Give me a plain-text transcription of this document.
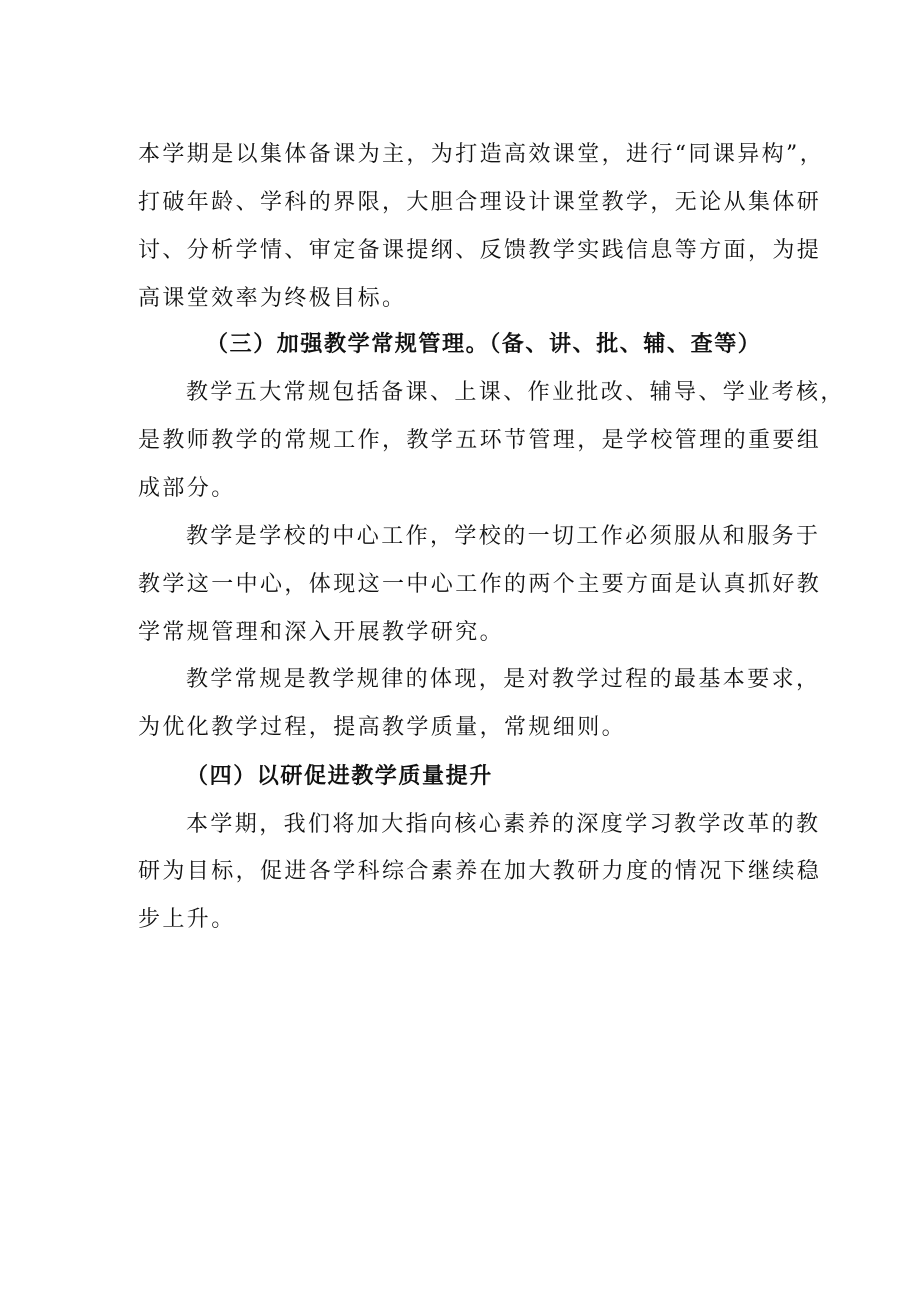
本学期是以集体备课为主，为打造高效课堂，进行“同课异构”，
打破年龄、学科的界限，大胆合理设计课堂教学，无论从集体研
讨、分析学情、审定备课提纲、反馈教学实践信息等方面，为提
高课堂效率为终极目标。
（三）加强教学常规管理。（备、讲、批、辅、查等）
教学五大常规包括备课、上课、作业批改、辅导、学业考核，
是教师教学的常规工作，教学五环节管理，是学校管理的重要组
成部分。
教学是学校的中心工作，学校的一切工作必须服从和服务于
教学这一中心，体现这一中心工作的两个主要方面是认真抓好教
学常规管理和深入开展教学研究。
教学常规是教学规律的体现，是对教学过程的最基本要求，
为优化教学过程，提高教学质量，常规细则。
（四）以研促进教学质量提升
本学期，我们将加大指向核心素养的深度学习教学改革的教
研为目标，促进各学科综合素养在加大教研力度的情况下继续稳
步上升。
